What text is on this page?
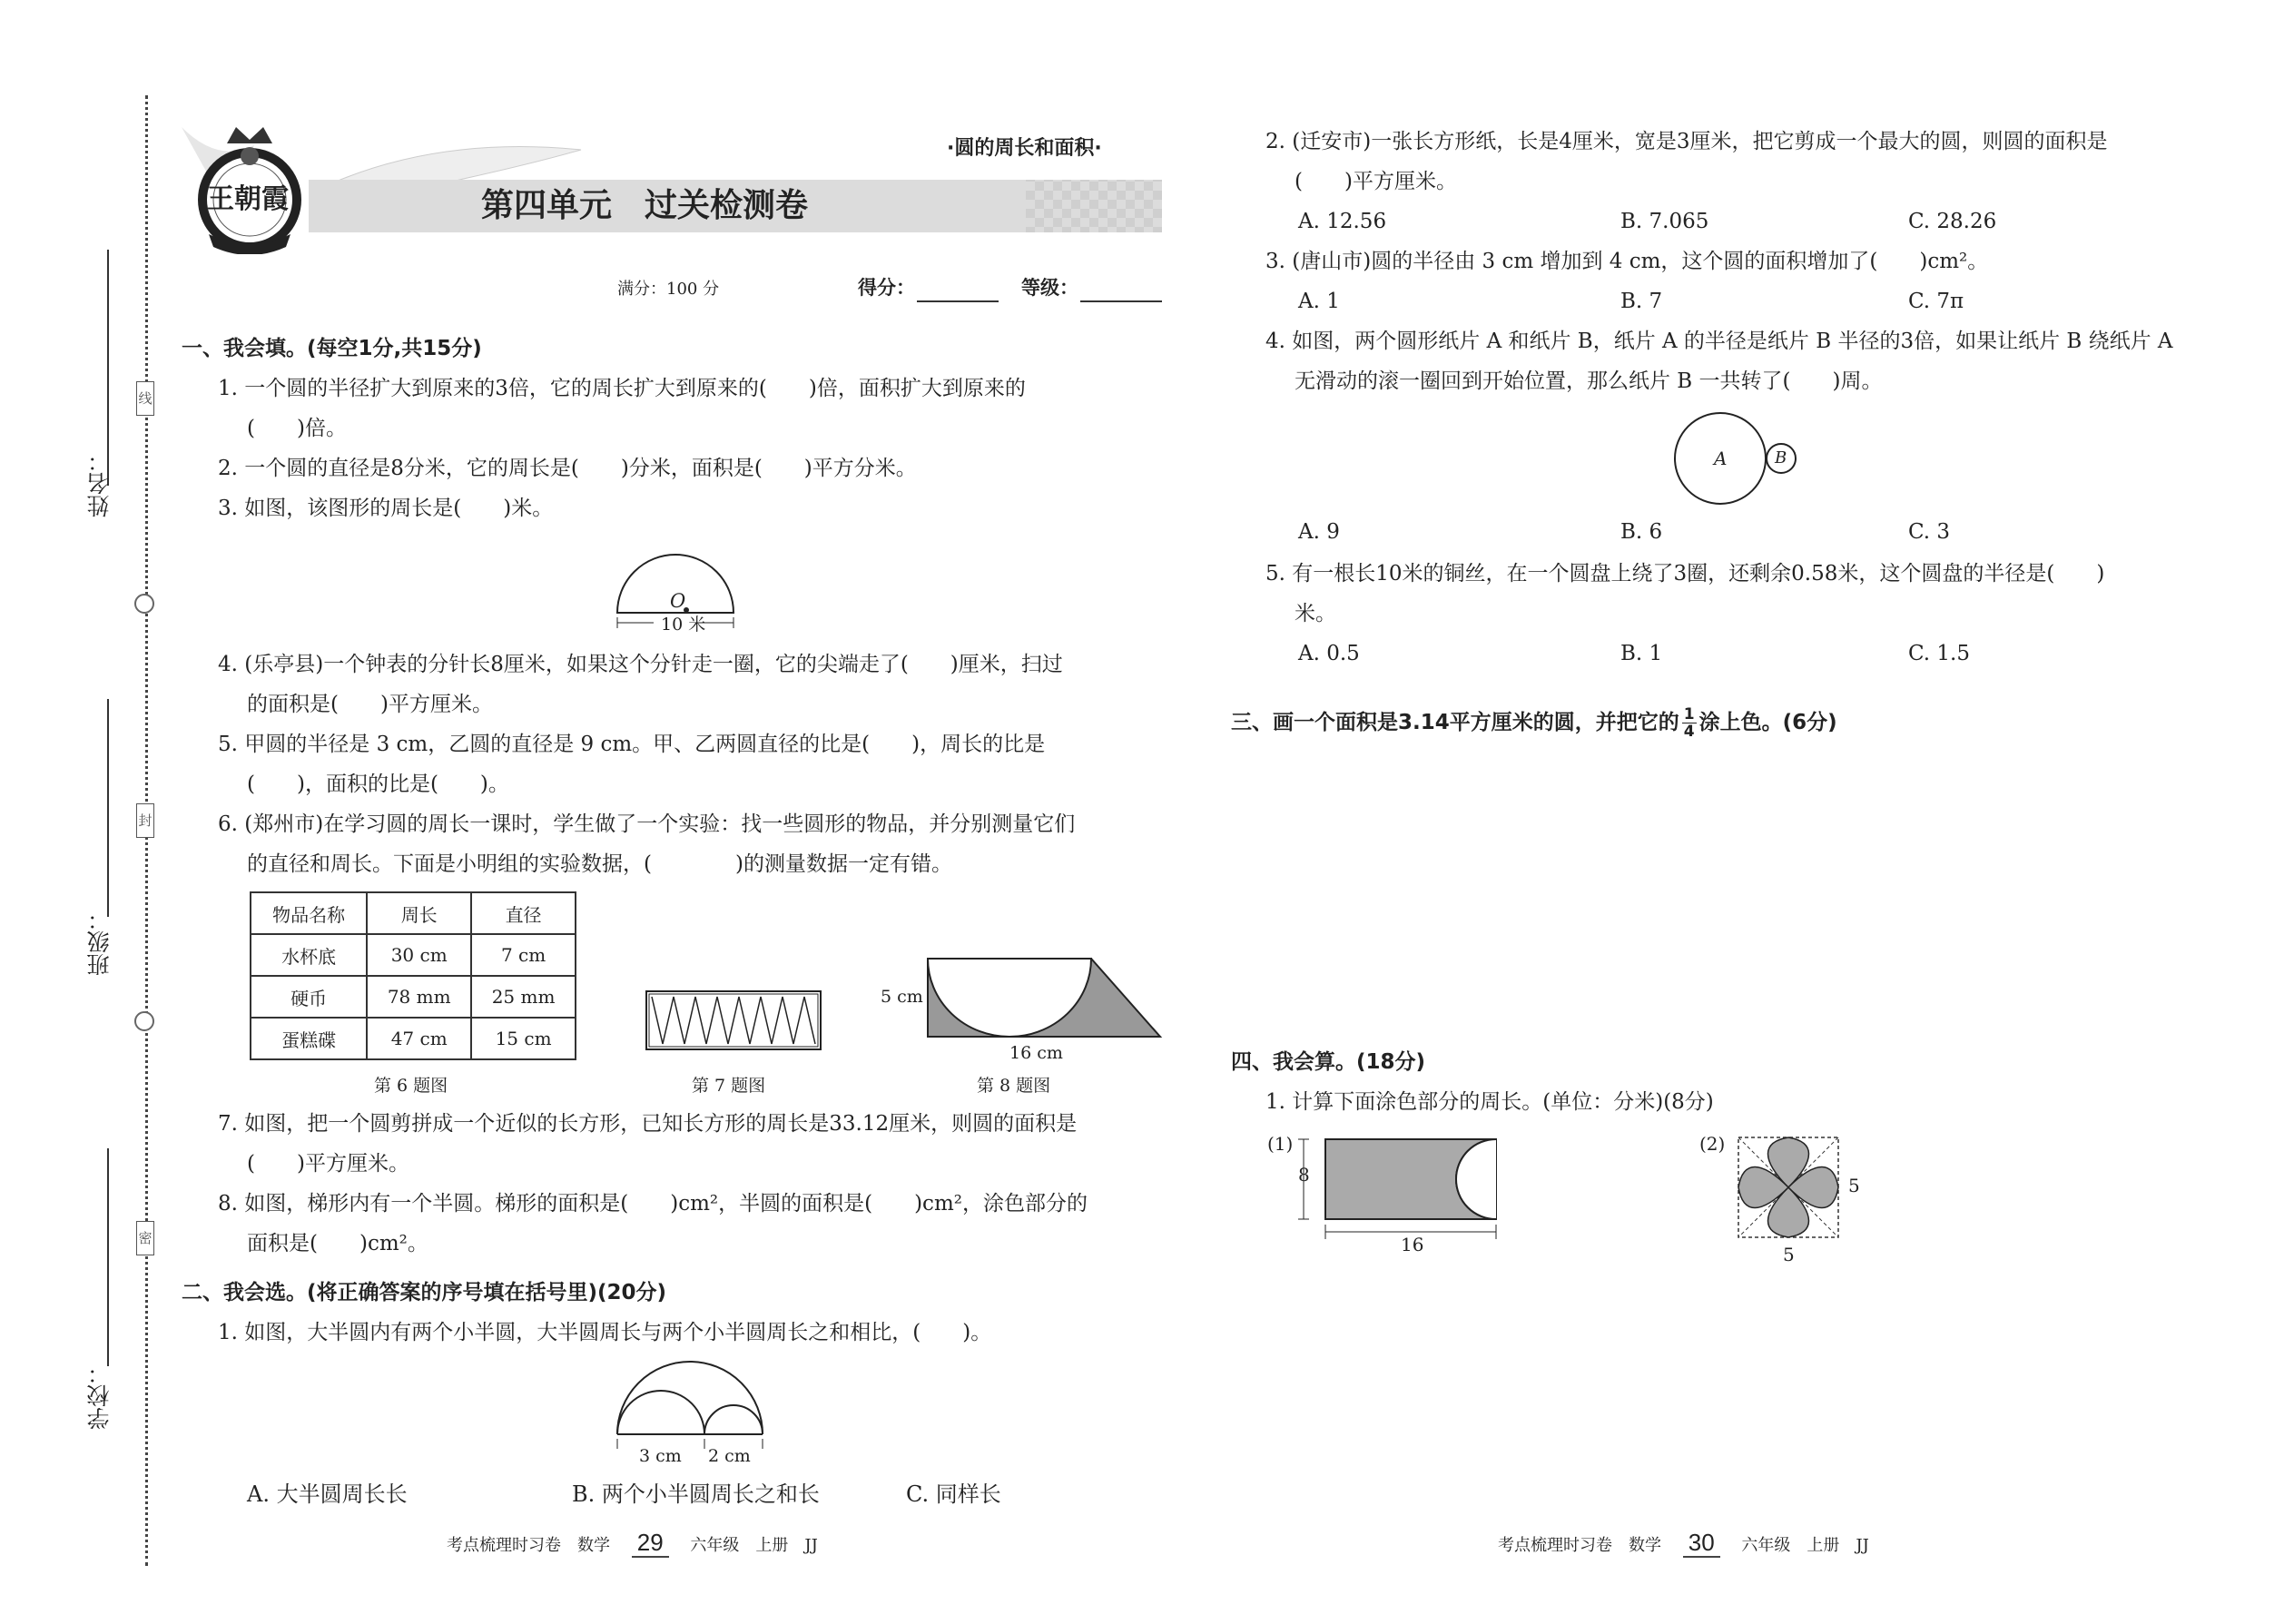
姓名：
班级：
学校：
线
封
密
王朝霞
·圆的周长和面积·
第四单元　过关检测卷
满分：100 分	得分：	等级：
一、我会填。(每空1分,共15分)
1. 一个圆的半径扩大到原来的3倍，它的周长扩大到原来的(　　)倍，面积扩大到原来的
(　　)倍。
2. 一个圆的直径是8分米，它的周长是(　　)分米，面积是(　　)平方分米。
3. 如图，该图形的周长是(　　)米。
O
10 米
4. (乐亭县)一个钟表的分针长8厘米，如果这个分针走一圈，它的尖端走了(　　)厘米，扫过
的面积是(　　)平方厘米。
5. 甲圆的半径是 3 cm，乙圆的直径是 9 cm。甲、乙两圆直径的比是(　　)，周长的比是
(　　)，面积的比是(　　)。
6. (郑州市)在学习圆的周长一课时，学生做了一个实验：找一些圆形的物品，并分别测量它们
的直径和周长。下面是小明组的实验数据，(　　　　)的测量数据一定有错。
物品名称	周长	直径
水杯底	30 cm	7 cm
硬币	78 mm	25 mm
蛋糕碟	47 cm	15 cm
5 cm
16 cm
第 6 题图	第 7 题图	第 8 题图
7. 如图，把一个圆剪拼成一个近似的长方形，已知长方形的周长是33.12厘米，则圆的面积是
(　　)平方厘米。
8. 如图，梯形内有一个半圆。梯形的面积是(　　)cm²，半圆的面积是(　　)cm²，涂色部分的
面积是(　　)cm²。
二、我会选。(将正确答案的序号填在括号里)(20分)
1. 如图，大半圆内有两个小半圆，大半圆周长与两个小半圆周长之和相比，(　　)。
3 cm 2 cm
A. 大半圆周长长	B. 两个小半圆周长之和长	C. 同样长
2. (迁安市)一张长方形纸，长是4厘米，宽是3厘米，把它剪成一个最大的圆，则圆的面积是
(　　)平方厘米。
A. 12.56	B. 7.065	C. 28.26
3. (唐山市)圆的半径由 3 cm 增加到 4 cm，这个圆的面积增加了(　　)cm²。
A. 1	B. 7	C. 7π
4. 如图，两个圆形纸片 A 和纸片 B，纸片 A 的半径是纸片 B 半径的3倍，如果让纸片 B 绕纸片 A
无滑动的滚一圈回到开始位置，那么纸片 B 一共转了(　　)周。
A	B
A. 9	B. 6	C. 3
5. 有一根长10米的铜丝，在一个圆盘上绕了3圈，还剩余0.58米，这个圆盘的半径是(　　)
米。
A. 0.5	B. 1	C. 1.5
三、画一个面积是3.14平方厘米的圆，并把它的 $\frac{1}{4}$ 涂上色。(6分)
四、我会算。(18分)
1. 计算下面涂色部分的周长。(单位：分米)(8分)
(1)
8
16
(2)
5
5
考点梳理时习卷　数学 29 六年级　上册　JJ	考点梳理时习卷　数学 30 六年级　上册　JJ
